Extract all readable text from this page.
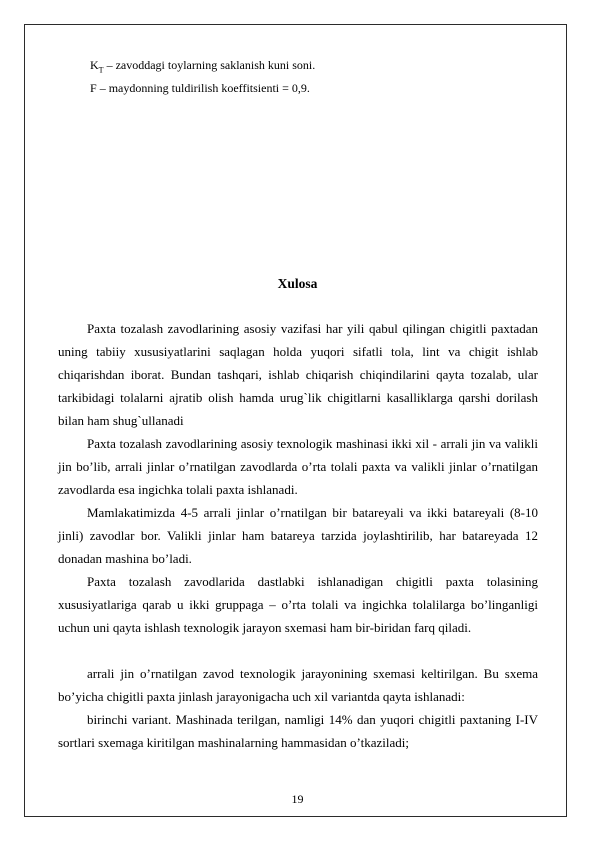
$K_T$ – zavoddagi toylarning saklanish kuni soni.
F – maydonning tuldirilish koeffitsienti = 0,9.
Xulosa

Paxta tozalash zavodlarining asosiy vazifasi har yili qabul qilingan chigitli paxtadan uning tabiiy xususiyatlarini saqlagan holda yuqori sifatli tola, lint va chigit ishlab chiqarishdan iborat. Bundan tashqari, ishlab chiqarish chiqindilarini qayta tozalab, ular tarkibidagi tolalarni ajratib olish hamda urug`lik chigitlarni kasalliklarga qarshi dorilash bilan ham shug`ullanadi

Paxta tozalash zavodlarining asosiy texnologik mashinasi ikki xil - arrali jin va valikli jin bo’lib, arrali jinlar o’rnatilgan zavodlarda o’rta tolali paxta va valikli jinlar o’rnatilgan zavodlarda esa ingichka tolali paxta ishlanadi.

Mamlakatimizda 4-5 arrali jinlar o’rnatilgan bir batareyali va ikki batareyali (8-10 jinli) zavodlar bor. Valikli jinlar ham batareya tarzida joylashtirilib, har batareyada 12 donadan mashina bo’ladi.

Paxta tozalash zavodlarida dastlabki ishlanadigan chigitli paxta tolasining xususiyatlariga qarab u ikki gruppaga – o’rta tolali va ingichka tolalilarga bo’linganligi uchun uni qayta ishlash texnologik jarayon sxemasi ham bir-biridan farq qiladi.

arrali jin o’rnatilgan zavod texnologik jarayonining sxemasi keltirilgan. Bu sxema bo’yicha chigitli paxta jinlash jarayonigacha uch xil variantda qayta ishlanadi:

birinchi variant. Mashinada terilgan, namligi 14% dan yuqori chigitli paxtaning I-IV sortlari sxemaga kiritilgan mashinalarning hammasidan o’tkaziladi;

19
